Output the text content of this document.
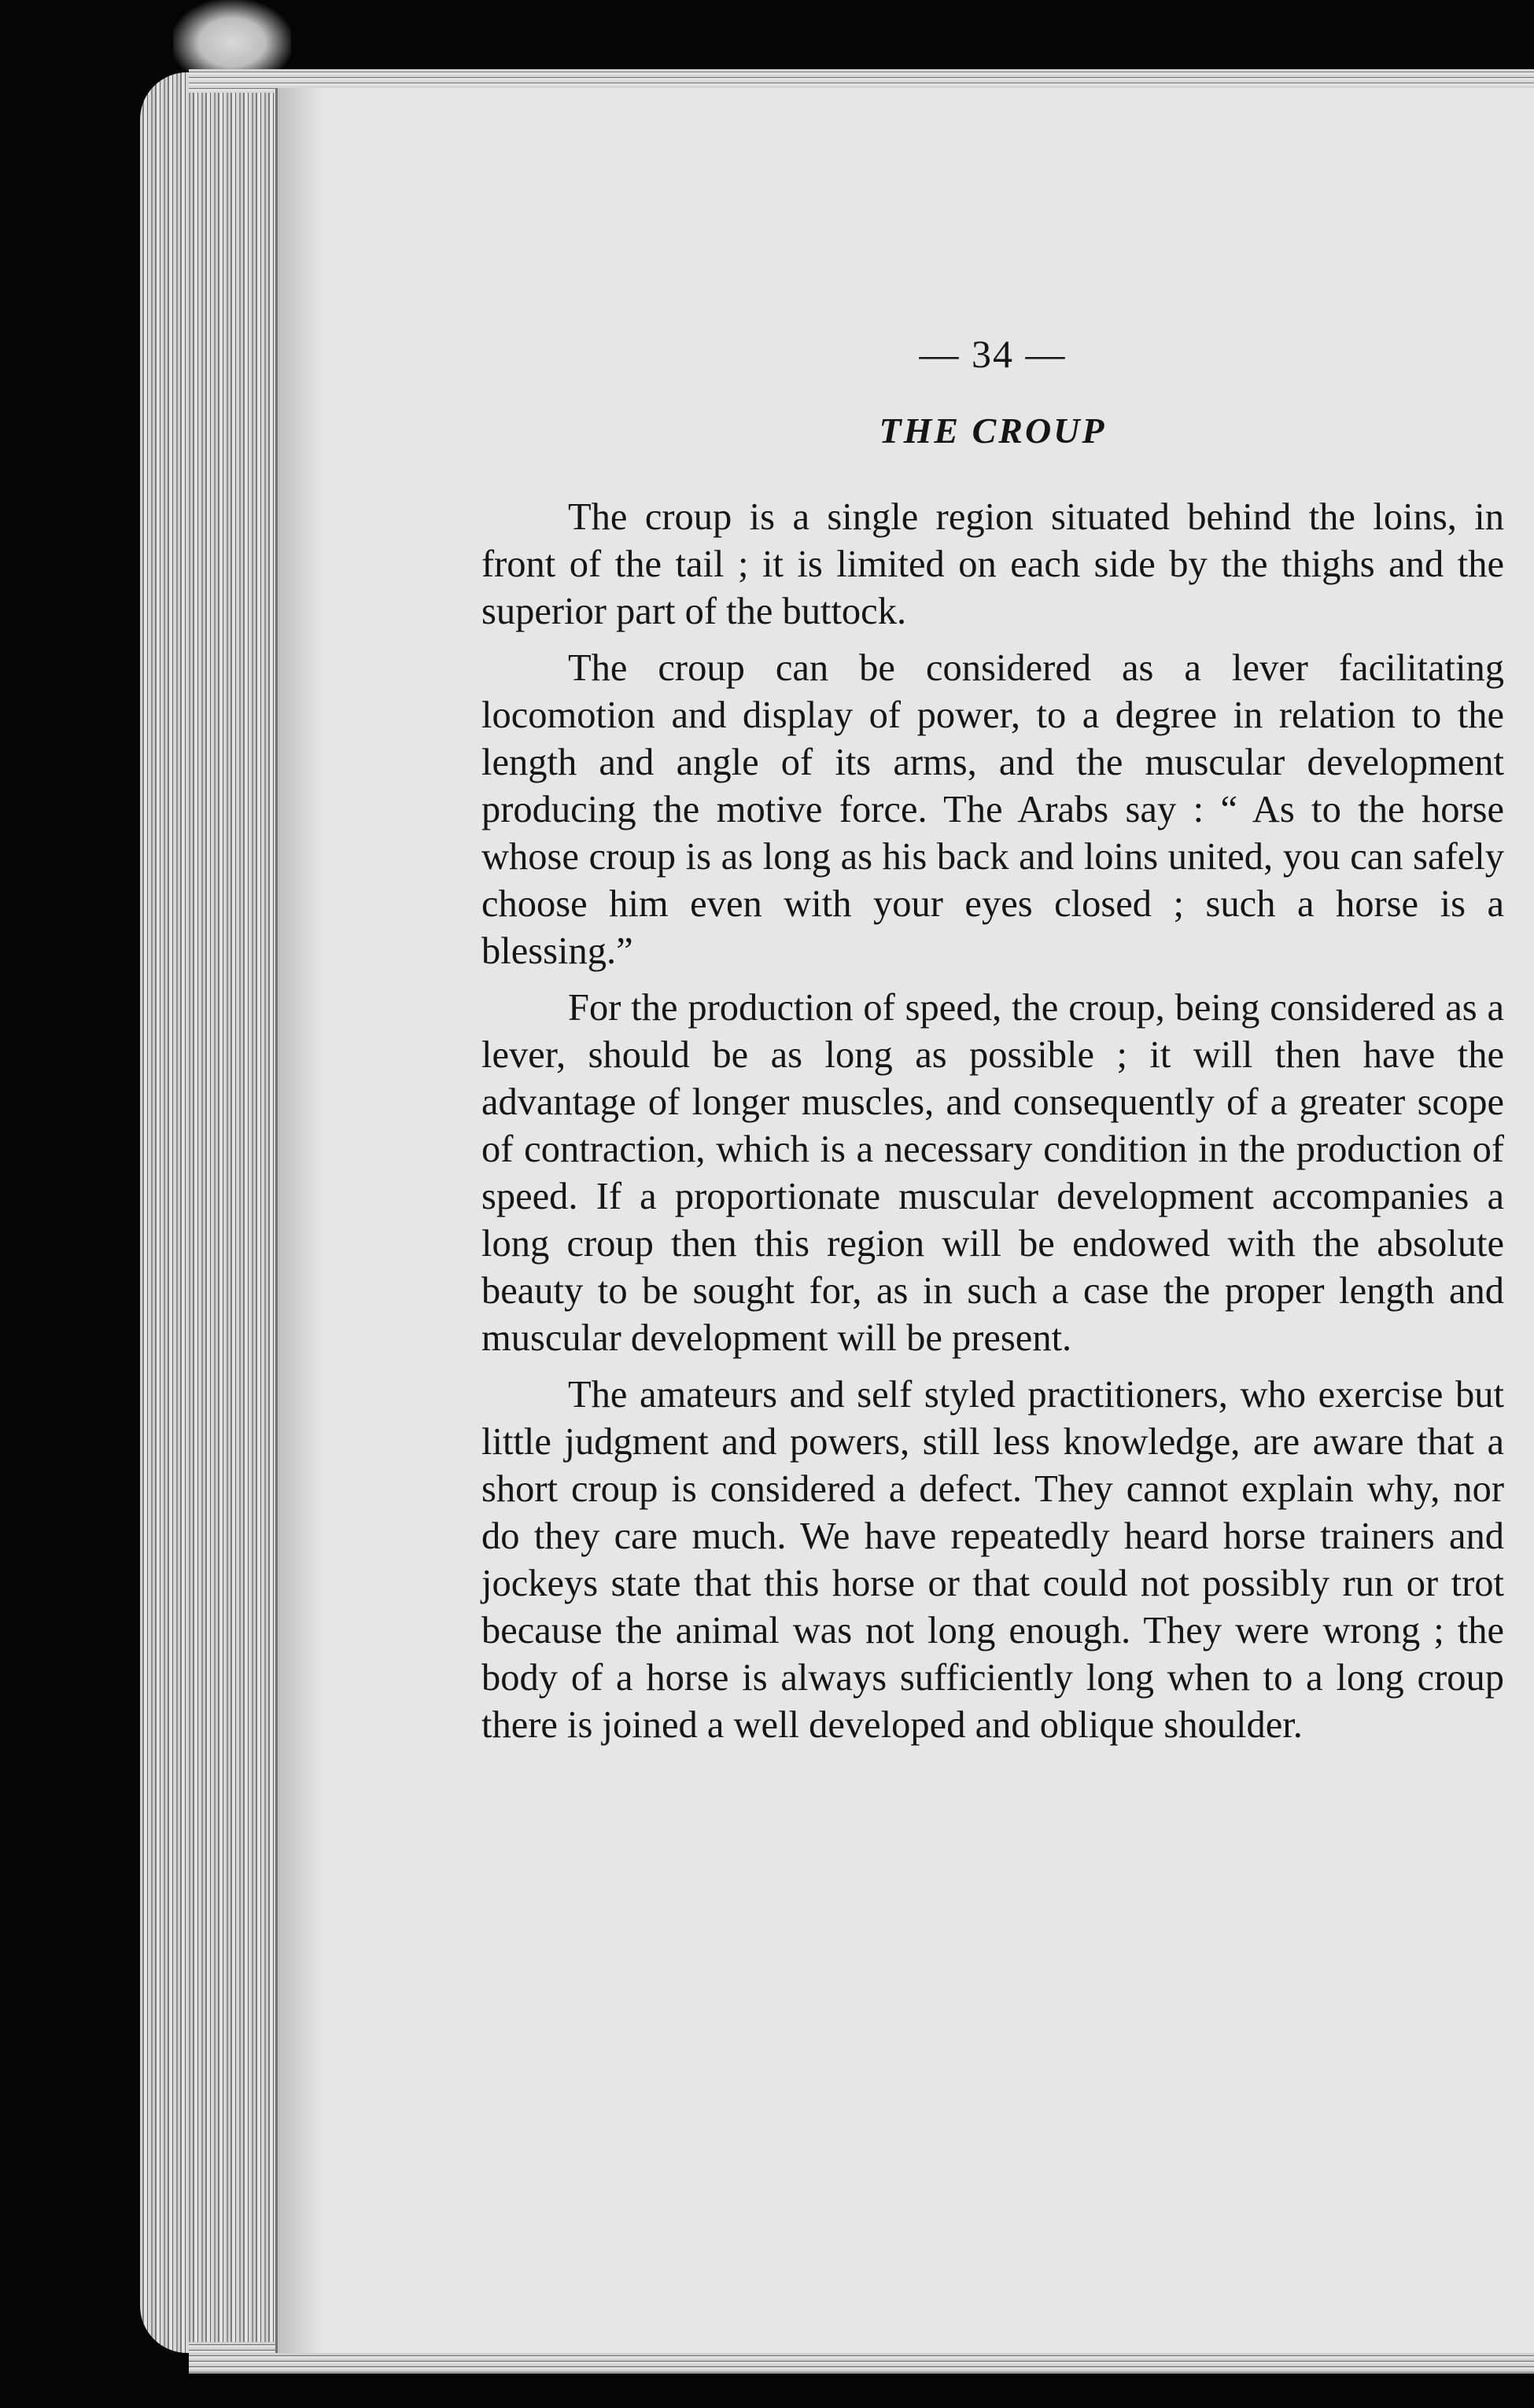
— 34 —
THE CROUP

The croup is a single region situated behind the loins, in front of the tail ; it is limited on each side by the thighs and the superior part of the buttock.

The croup can be considered as a lever facilitating locomotion and display of power, to a degree in relation to the length and angle of its arms, and the muscular development producing the motive force. The Arabs say : “ As to the horse whose croup is as long as his back and loins united, you can safely choose him even with your eyes closed ; such a horse is a blessing.”

For the production of speed, the croup, being considered as a lever, should be as long as possible ; it will then have the advantage of longer muscles, and consequently of a greater scope of contraction, which is a necessary condition in the production of speed. If a proportionate muscular development accompanies a long croup then this region will be endowed with the absolute beauty to be sought for, as in such a case the proper length and muscular development will be present.

The amateurs and self styled practitioners, who exercise but little judgment and powers, still less knowledge, are aware that a short croup is considered a defect. They cannot explain why, nor do they care much. We have repeatedly heard horse trainers and jockeys state that this horse or that could not possibly run or trot because the animal was not long enough. They were wrong ; the body of a horse is always sufficiently long when to a long croup there is joined a well developed and oblique shoulder.
